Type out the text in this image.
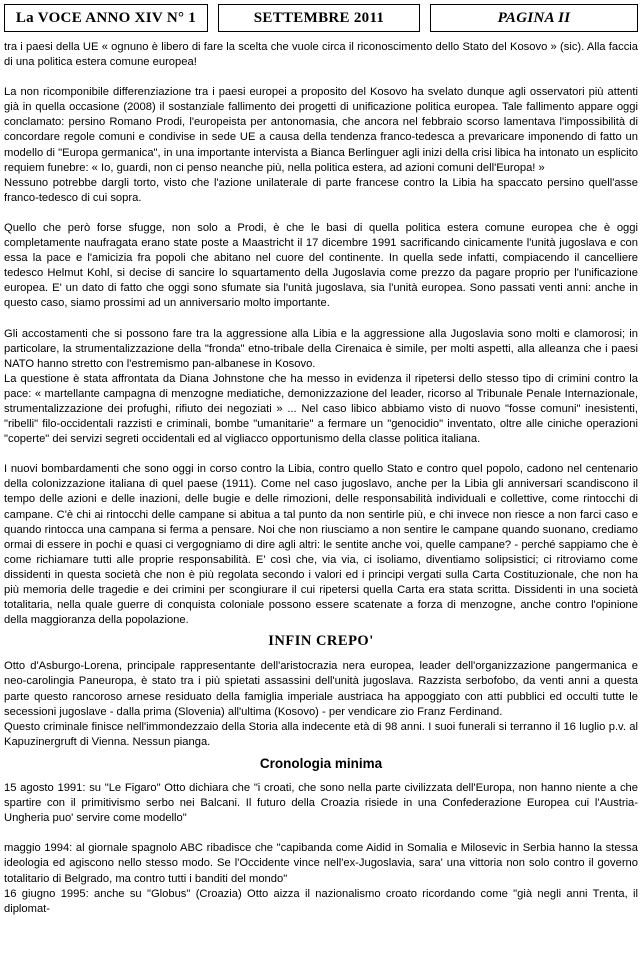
La VOCE ANNO XIV N° 1	SETTEMBRE 2011	PAGINA II

tra i paesi della UE « ognuno è libero di fare la scelta che vuole circa il riconoscimento dello Stato del Kosovo » (sic). Alla faccia di una politica estera comune europea!

La non ricomponibile differenziazione tra i paesi europei a proposito del Kosovo ha svelato dunque agli osservatori più attenti già in quella occasione (2008) il sostanziale fallimento dei progetti di unificazione politica europea. Tale fallimento appare oggi conclamato: persino Romano Prodi, l'europeista per antonomasia, che ancora nel febbraio scorso lamentava l'impossibilità di concordare regole comuni e condivise in sede UE a causa della tendenza franco-tedesca a prevaricare imponendo di fatto un modello di "Europa germanica", in una importante intervista a Bianca Berlinguer agli inizi della crisi libica ha intonato un esplicito requiem funebre: « Io, guardi, non ci penso neanche più, nella politica estera, ad azioni comuni dell'Europa! »

Nessuno potrebbe dargli torto, visto che l'azione unilaterale di parte francese contro la Libia ha spaccato persino quell'asse franco-tedesco di cui sopra.

Quello che però forse sfugge, non solo a Prodi, è che le basi di quella politica estera comune europea che è oggi completamente naufragata erano state poste a Maastricht il 17 dicembre 1991 sacrificando cinicamente l'unità jugoslava e con essa la pace e l'amicizia fra popoli che abitano nel cuore del continente. In quella sede infatti, compiacendo il cancelliere tedesco Helmut Kohl, si decise di sancire lo squartamento della Jugoslavia come prezzo da pagare proprio per l'unificazione europea. E' un dato di fatto che oggi sono sfumate sia l'unità jugoslava, sia l'unità europea. Sono passati venti anni: anche in questo caso, siamo prossimi ad un anniversario molto importante.

Gli accostamenti che si possono fare tra la aggressione alla Libia e la aggressione alla Jugoslavia sono molti e clamorosi; in particolare, la strumentalizzazione della "fronda" etno-tribale della Cirenaica è simile, per molti aspetti, alla alleanza che i paesi NATO hanno stretto con l'estremismo pan-albanese in Kosovo.

La questione è stata affrontata da Diana Johnstone che ha messo in evidenza il ripetersi dello stesso tipo di crimini contro la pace: « martellante campagna di menzogne mediatiche, demonizzazione del leader, ricorso al Tribunale Penale Internazionale, strumentalizzazione dei profughi, rifiuto dei negoziati » ... Nel caso libico abbiamo visto di nuovo "fosse comuni" inesistenti, "ribelli" filo-occidentali razzisti e criminali, bombe "umanitarie" a fermare un "genocidio" inventato, oltre alle ciniche operazioni "coperte" dei servizi segreti occidentali ed al vigliacco opportunismo della classe politica italiana.

I nuovi bombardamenti che sono oggi in corso contro la Libia, contro quello Stato e contro quel popolo, cadono nel centenario della colonizzazione italiana di quel paese (1911). Come nel caso jugoslavo, anche per la Libia gli anniversari scandiscono il tempo delle azioni e delle inazioni, delle bugie e delle rimozioni, delle responsabilità individuali e collettive, come rintocchi di campane. C'è chi ai rintocchi delle campane si abitua a tal punto da non sentirle più, e chi invece non riesce a non farci caso e quando rintocca una campana si ferma a pensare. Noi che non riusciamo a non sentire le campane quando suonano, crediamo ormai di essere in pochi e quasi ci vergogniamo di dire agli altri: le sentite anche voi, quelle campane? - perché sappiamo che è come richiamare tutti alle proprie responsabilità. E' così che, via via, ci isoliamo, diventiamo solipsistici; ci ritroviamo come dissidenti in questa società che non è più regolata secondo i valori ed i principi vergati sulla Carta Costituzionale, che non ha più memoria delle tragedie e dei crimini per scongiurare il cui ripetersi quella Carta era stata scritta. Dissidenti in una società totalitaria, nella quale guerre di conquista coloniale possono essere scatenate a forza di menzogne, anche contro l'opinione della maggioranza della popolazione.

INFIN CREPO'

Otto d'Asburgo-Lorena, principale rappresentante dell'aristocrazia nera europea, leader dell'organizzazione pangermanica e neo-carolingia Paneuropa, è stato tra i più spietati assassini dell'unità jugoslava. Razzista serbofobo, da venti anni a questa parte questo rancoroso arnese residuato della famiglia imperiale austriaca ha appoggiato con atti pubblici ed occulti tutte le secessioni jugoslave - dalla prima (Slovenia) all'ultima (Kosovo) - per vendicare zio Franz Ferdinand.

Questo criminale finisce nell'immondezzaio della Storia alla indecente età di 98 anni. I suoi funerali si terranno il 16 luglio p.v. al Kapuzinergruft di Vienna. Nessun pianga.

Cronologia minima

15 agosto 1991: su "Le Figaro" Otto dichiara che "i croati, che sono nella parte civilizzata dell'Europa, non hanno niente a che spartire con il primitivismo serbo nei Balcani. Il futuro della Croazia risiede in una Confederazione Europea cui l'Austria-Ungheria puo' servire come modello"

maggio 1994: al giornale spagnolo ABC ribadisce che "capibanda come Aidid in Somalia e Milosevic in Serbia hanno la stessa ideologia ed agiscono nello stesso modo. Se l'Occidente vince nell'ex-Jugoslavia, sara' una vittoria non solo contro il governo totalitario di Belgrado, ma contro tutti i banditi del mondo"

16 giugno 1995: anche su "Globus" (Croazia) Otto aizza il nazionalismo croato ricordando come "già negli anni Trenta, il diplomat-
